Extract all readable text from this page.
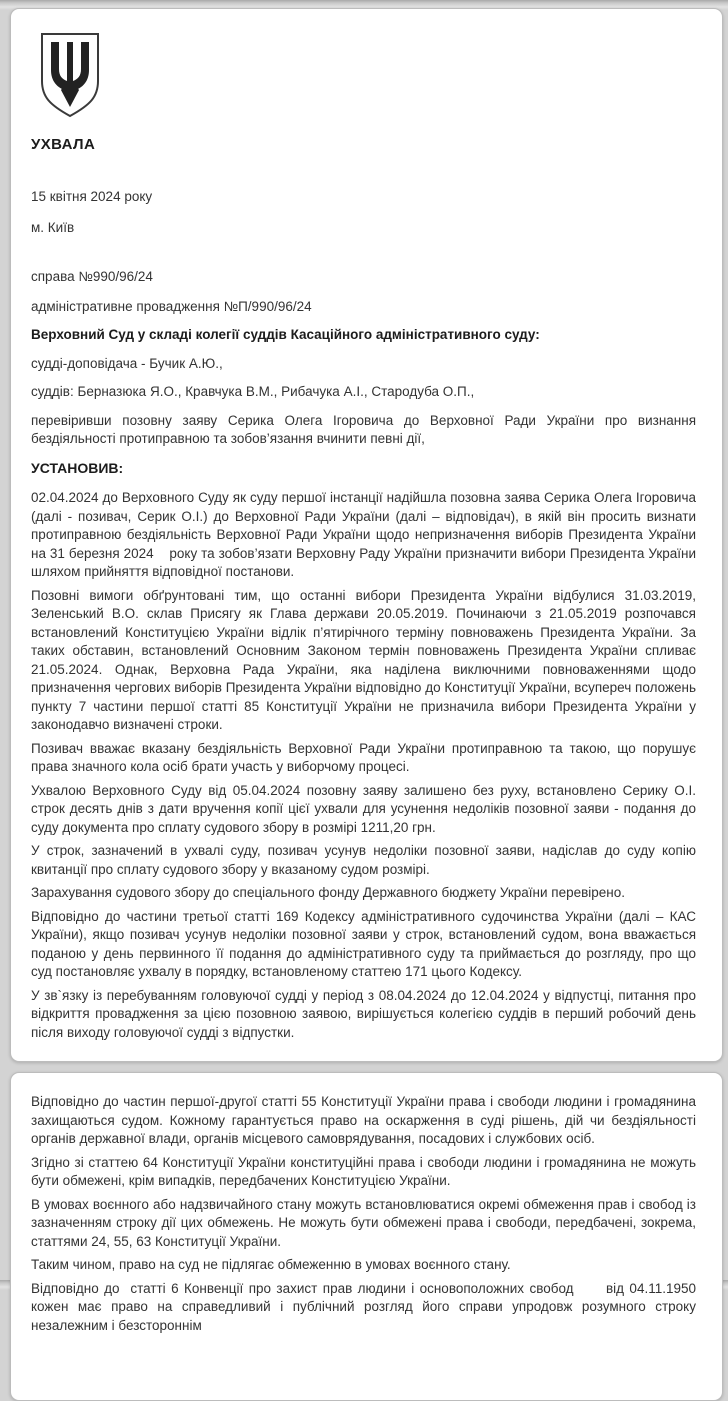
УХВАЛА

15 квітня 2024 року

м. Київ

справа №990/96/24

адміністративне провадження №П/990/96/24

Верховний Суд у складі колегії суддів Касаційного адміністративного суду:

судді-доповідача - Бучик А.Ю.,

суддів: Берназюка Я.О., Кравчука В.М., Рибачука А.І., Стародуба О.П.,

перевіривши позовну заяву Серика Олега Ігоровича до Верховної Ради України про визнання бездіяльності протиправною та зобов’язання вчинити певні дії,

УСТАНОВИВ:

02.04.2024 до Верховного Суду як суду першої інстанції надійшла позовна заява Серика Олега Ігоровича (далі - позивач, Серик О.І.) до Верховної Ради України (далі – відповідач), в якій він просить визнати протиправною бездіяльність Верховної Ради України щодо непризначення виборів Президента України на 31 березня 2024    року та зобов’язати Верховну Раду України призначити вибори Президента України шляхом прийняття відповідної постанови.

Позовні вимоги обґрунтовані тим, що останні вибори Президента України відбулися 31.03.2019, Зеленський В.О. склав Присягу як Глава держави 20.05.2019. Починаючи з 21.05.2019 розпочався встановлений Конституцією України відлік п’ятирічного терміну повноважень Президента України. За таких обставин, встановлений Основним Законом термін повноважень Президента України спливає 21.05.2024. Однак, Верховна Рада України, яка наділена виключними повноваженнями щодо призначення чергових виборів Президента України відповідно до Конституції України, всупереч положень пункту 7 частини першої статті 85 Конституції України не призначила вибори Президента України у законодавчо визначені строки.

Позивач вважає вказану бездіяльність Верховної Ради України протиправною та такою, що порушує права значного кола осіб брати участь у виборчому процесі.

Ухвалою Верховного Суду від 05.04.2024 позовну заяву залишено без руху, встановлено Серику О.І. строк десять днів з дати вручення копії цієї ухвали для усунення недоліків позовної заяви - подання до суду документа про сплату судового збору в розмірі 1211,20 грн.

У строк, зазначений в ухвалі суду, позивач усунув недоліки позовної заяви, надіслав до суду копію квитанції про сплату судового збору у вказаному судом розмірі.

Зарахування судового збору до спеціального фонду Державного бюджету України перевірено.

Відповідно до частини третьої статті 169 Кодексу адміністративного судочинства України (далі – КАС України), якщо позивач усунув недоліки позовної заяви у строк, встановлений судом, вона вважається поданою у день первинного її подання до адміністративного суду та приймається до розгляду, про що суд постановляє ухвалу в порядку, встановленому статтею 171 цього Кодексу.

У зв`язку із перебуванням головуючої судді у період з 08.04.2024 до 12.04.2024 у відпустці, питання про відкриття провадження за цією позовною заявою, вирішується колегією суддів в перший робочий день після виходу головуючої судді з відпустки.

Відповідно до частин першої-другої статті 55 Конституції України права і свободи людини і громадянина захищаються судом. Кожному гарантується право на оскарження в суді рішень, дій чи бездіяльності органів державної влади, органів місцевого самоврядування, посадових і службових осіб.

Згідно зі статтею 64 Конституції України конституційні права і свободи людини і громадянина не можуть бути обмежені, крім випадків, передбачених Конституцією України.

В умовах воєнного або надзвичайного стану можуть встановлюватися окремі обмеження прав і свобод із зазначенням строку дії цих обмежень. Не можуть бути обмежені права і свободи, передбачені, зокрема, статтями 24, 55, 63 Конституції України.

Таким чином, право на суд не підлягає обмеженню в умовах воєнного стану.

Відповідно до  статті 6 Конвенції про захист прав людини і основоположних свобод      від 04.11.1950 кожен має право на справедливий і публічний розгляд його справи упродовж розумного строку незалежним і безстороннім
